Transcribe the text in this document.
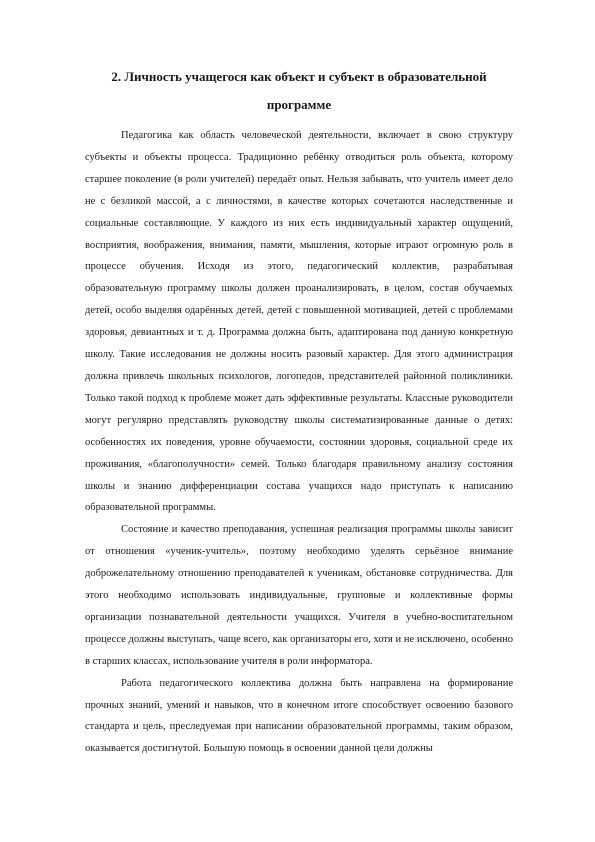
2. Личность учащегося как объект и субъект в образовательной программе

Педагогика как область человеческой деятельности, включает в свою структуру субъекты и объекты процесса. Традиционно ребёнку отводиться роль объекта, которому старшее поколение (в роли учителей) передаёт опыт. Нельзя забывать, что учитель имеет дело не с безликой массой, а с личностями, в качестве которых сочетаются наследственные и социальные составляющие. У каждого из них есть индивидуальный характер ощущений, восприятия, воображения, внимания, памяти, мышления, которые играют огромную роль в процессе обучения. Исходя из этого, педагогический коллектив, разрабатывая образовательную программу школы должен проанализировать, в целом, состав обучаемых детей, особо выделяя одарённых детей, детей с повышенной мотивацией, детей с проблемами здоровья, девиантных и т. д. Программа должна быть, адаптирована под данную конкретную школу. Такие исследования не должны носить разовый характер. Для этого администрация должна привлечь школьных психологов, логопедов, представителей районной поликлиники. Только такой подход к проблеме может дать эффективные результаты. Классные руководители могут регулярно представлять руководству школы систематизированные данные о детях: особенностях их поведения, уровне обучаемости, состоянии здоровья, социальной среде их проживания, «благополучности» семей. Только благодаря правильному анализу состояния школы и знанию дифференциации состава учащихся надо приступать к написанию образовательной программы.

Состояние и качество преподавания, успешная реализация программы школы зависит от отношения «ученик-учитель», поэтому необходимо уделять серьёзное внимание доброжелательному отношению преподавателей к ученикам, обстановке сотрудничества. Для этого необходимо использовать индивидуальные, групповые и коллективные формы организации познавательной деятельности учащихся. Учителя в учебно-воспитательном процессе должны выступать, чаще всего, как организаторы его, хотя и не исключено, особенно в старших классах, использование учителя в роли информатора.

Работа педагогического коллектива должна быть направлена на формирование прочных знаний, умений и навыков, что в конечном итоге способствует освоению базового стандарта и цель, преследуемая при написании образовательной программы, таким образом, оказывается достигнутой. Большую помощь в освоении данной цели должны
